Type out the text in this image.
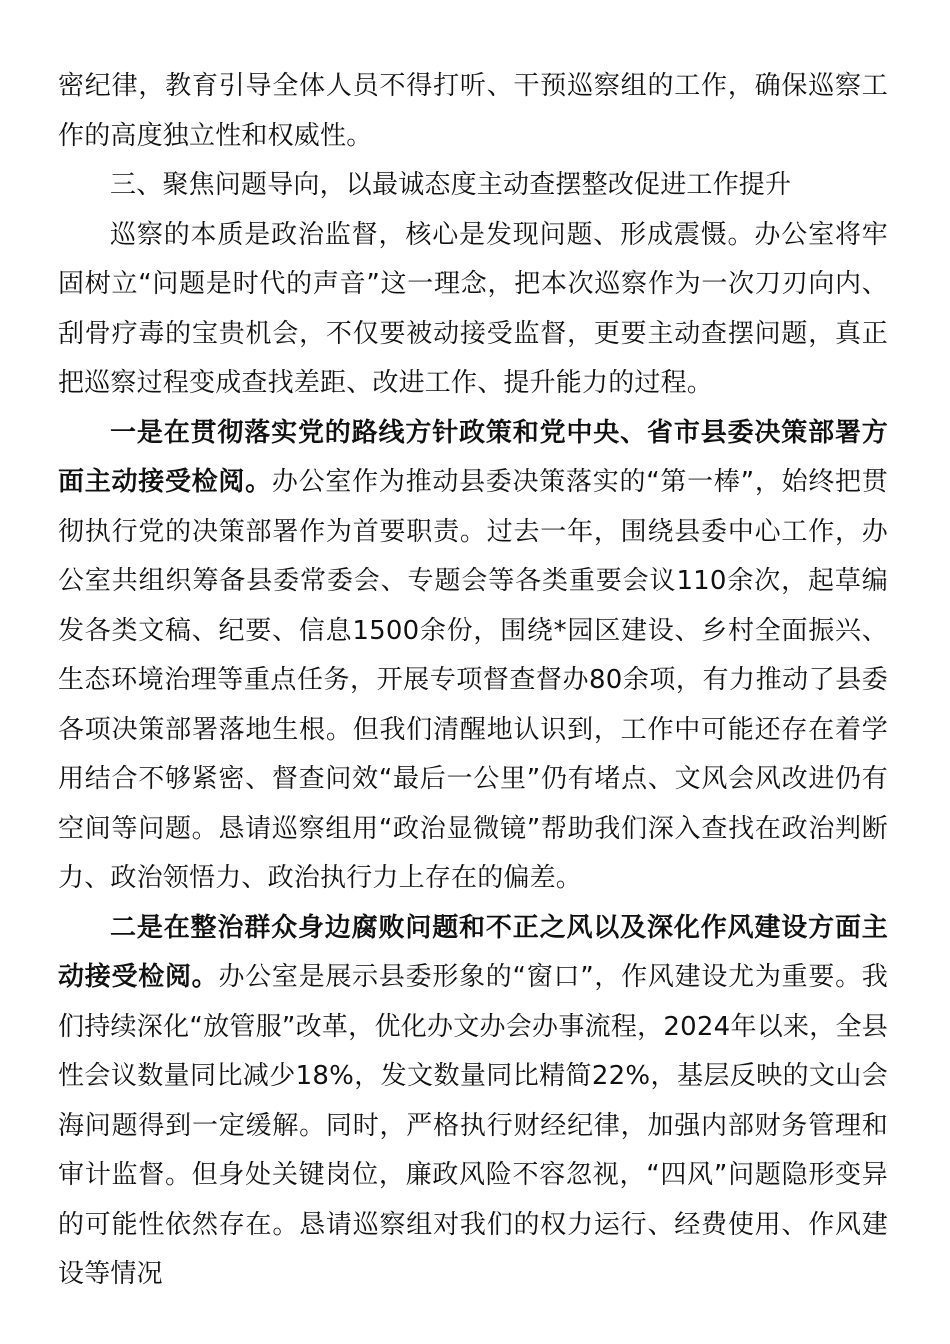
密纪律，教育引导全体人员不得打听、干预巡察组的工作，确保巡察工作的高度独立性和权威性。

三、聚焦问题导向，以最诚态度主动查摆整改促进工作提升

巡察的本质是政治监督，核心是发现问题、形成震慑。办公室将牢固树立“问题是时代的声音”这一理念，把本次巡察作为一次刀刃向内、刮骨疗毒的宝贵机会，不仅要被动接受监督，更要主动查摆问题，真正把巡察过程变成查找差距、改进工作、提升能力的过程。

一是在贯彻落实党的路线方针政策和党中央、省市县委决策部署方面主动接受检阅。办公室作为推动县委决策落实的“第一棒”，始终把贯彻执行党的决策部署作为首要职责。过去一年，围绕县委中心工作，办公室共组织筹备县委常委会、专题会等各类重要会议110余次，起草编发各类文稿、纪要、信息1500余份，围绕*园区建设、乡村全面振兴、生态环境治理等重点任务，开展专项督查督办80余项，有力推动了县委各项决策部署落地生根。但我们清醒地认识到，工作中可能还存在着学用结合不够紧密、督查问效“最后一公里”仍有堵点、文风会风改进仍有空间等问题。恳请巡察组用“政治显微镜”帮助我们深入查找在政治判断力、政治领悟力、政治执行力上存在的偏差。

二是在整治群众身边腐败问题和不正之风以及深化作风建设方面主动接受检阅。办公室是展示县委形象的“窗口”，作风建设尤为重要。我们持续深化“放管服”改革，优化办文办会办事流程，2024年以来，全县性会议数量同比减少18%，发文数量同比精简22%，基层反映的文山会海问题得到一定缓解。同时，严格执行财经纪律，加强内部财务管理和审计监督。但身处关键岗位，廉政风险不容忽视，“四风”问题隐形变异的可能性依然存在。恳请巡察组对我们的权力运行、经费使用、作风建设等情况
